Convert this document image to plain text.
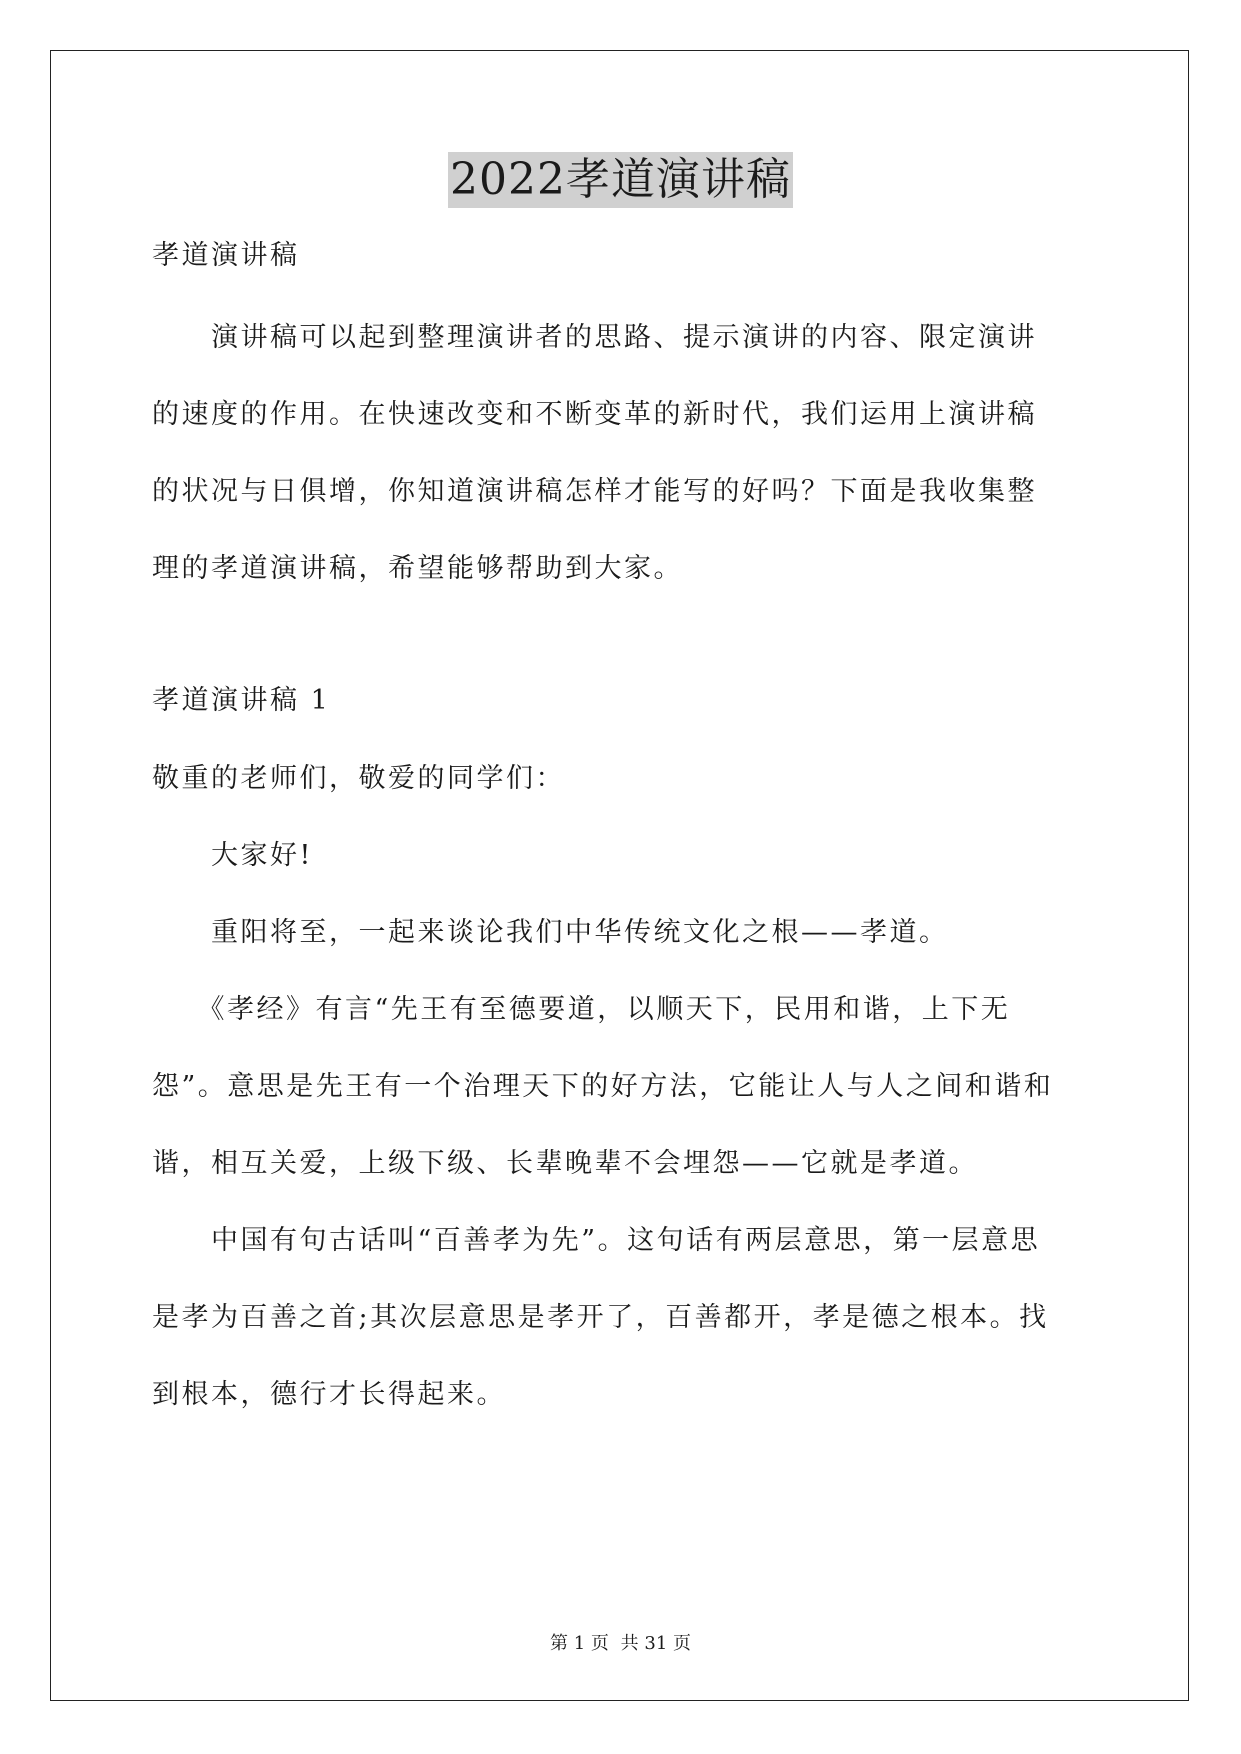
2022孝道演讲稿
孝道演讲稿
　　演讲稿可以起到整理演讲者的思路、提示演讲的内容、限定演讲
的速度的作用。在快速改变和不断变革的新时代，我们运用上演讲稿
的状况与日俱增，你知道演讲稿怎样才能写的好吗？下面是我收集整
理的孝道演讲稿，希望能够帮助到大家。
孝道演讲稿 1
敬重的老师们，敬爱的同学们：
　　大家好!
　　重阳将至，一起来谈论我们中华传统文化之根——孝道。
　　《孝经》有言“先王有至德要道，以顺天下，民用和谐，上下无
怨”。意思是先王有一个治理天下的好方法，它能让人与人之间和谐和
谐，相互关爱，上级下级、长辈晚辈不会埋怨——它就是孝道。
　　中国有句古话叫“百善孝为先”。这句话有两层意思，第一层意思
是孝为百善之首;其次层意思是孝开了，百善都开，孝是德之根本。找
到根本，德行才长得起来。
第 1 页 共 31 页
